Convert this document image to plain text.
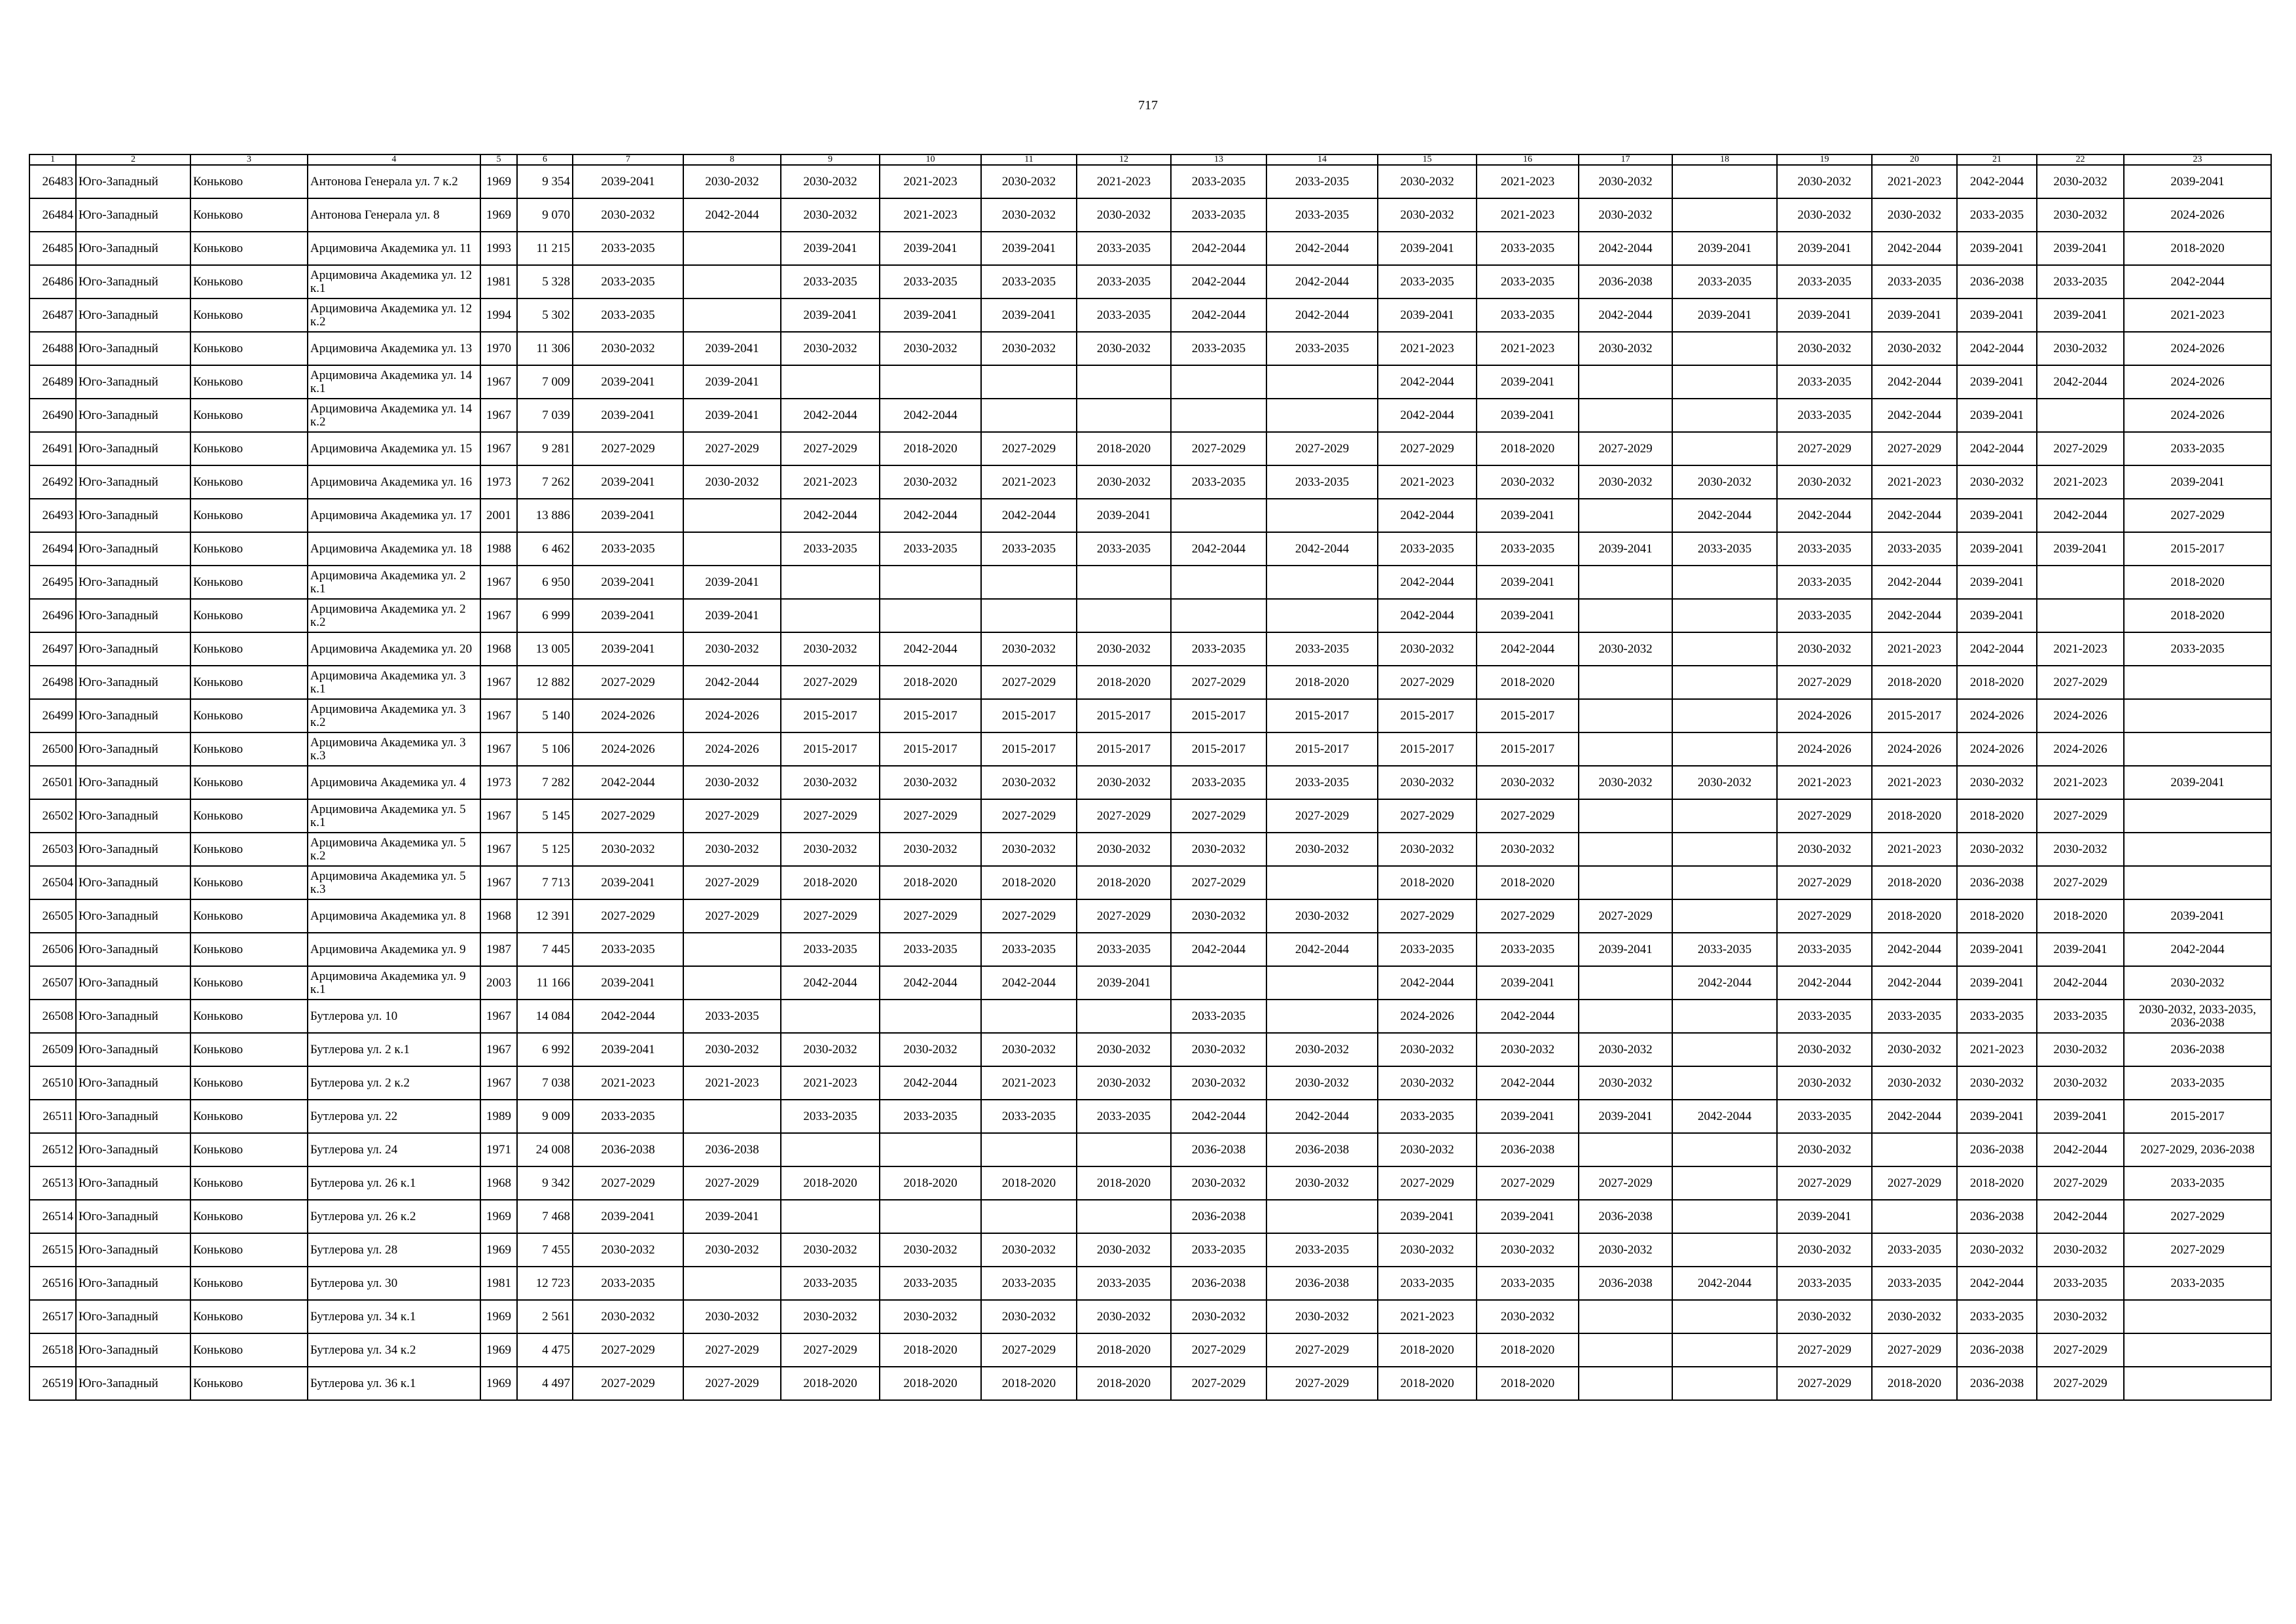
717
1	2	3	4	5	6	7	8	9	10	11	12	13	14	15	16	17	18	19	20	21	22	23
26483	Юго-Западный	Коньково	Антонова Генерала ул. 7 к.2	1969	9 354	2039-2041	2030-2032	2030-2032	2021-2023	2030-2032	2021-2023	2033-2035	2033-2035	2030-2032	2021-2023	2030-2032		2030-2032	2021-2023	2042-2044	2030-2032	2039-2041
26484	Юго-Западный	Коньково	Антонова Генерала ул. 8	1969	9 070	2030-2032	2042-2044	2030-2032	2021-2023	2030-2032	2030-2032	2033-2035	2033-2035	2030-2032	2021-2023	2030-2032		2030-2032	2030-2032	2033-2035	2030-2032	2024-2026
26485	Юго-Западный	Коньково	Арцимовича Академика ул. 11	1993	11 215	2033-2035		2039-2041	2039-2041	2039-2041	2033-2035	2042-2044	2042-2044	2039-2041	2033-2035	2042-2044	2039-2041	2039-2041	2042-2044	2039-2041	2039-2041	2018-2020
26486	Юго-Западный	Коньково	Арцимовича Академика ул. 12 к.1	1981	5 328	2033-2035		2033-2035	2033-2035	2033-2035	2033-2035	2042-2044	2042-2044	2033-2035	2033-2035	2036-2038	2033-2035	2033-2035	2033-2035	2036-2038	2033-2035	2042-2044
26487	Юго-Западный	Коньково	Арцимовича Академика ул. 12 к.2	1994	5 302	2033-2035		2039-2041	2039-2041	2039-2041	2033-2035	2042-2044	2042-2044	2039-2041	2033-2035	2042-2044	2039-2041	2039-2041	2039-2041	2039-2041	2039-2041	2021-2023
26488	Юго-Западный	Коньково	Арцимовича Академика ул. 13	1970	11 306	2030-2032	2039-2041	2030-2032	2030-2032	2030-2032	2030-2032	2033-2035	2033-2035	2021-2023	2021-2023	2030-2032		2030-2032	2030-2032	2042-2044	2030-2032	2024-2026
26489	Юго-Западный	Коньково	Арцимовича Академика ул. 14 к.1	1967	7 009	2039-2041	2039-2041							2042-2044	2039-2041			2033-2035	2042-2044	2039-2041	2042-2044	2024-2026
26490	Юго-Западный	Коньково	Арцимовича Академика ул. 14 к.2	1967	7 039	2039-2041	2039-2041	2042-2044	2042-2044					2042-2044	2039-2041			2033-2035	2042-2044	2039-2041		2024-2026
26491	Юго-Западный	Коньково	Арцимовича Академика ул. 15	1967	9 281	2027-2029	2027-2029	2027-2029	2018-2020	2027-2029	2018-2020	2027-2029	2027-2029	2027-2029	2018-2020	2027-2029		2027-2029	2027-2029	2042-2044	2027-2029	2033-2035
26492	Юго-Западный	Коньково	Арцимовича Академика ул. 16	1973	7 262	2039-2041	2030-2032	2021-2023	2030-2032	2021-2023	2030-2032	2033-2035	2033-2035	2021-2023	2030-2032	2030-2032	2030-2032	2030-2032	2021-2023	2030-2032	2021-2023	2039-2041
26493	Юго-Западный	Коньково	Арцимовича Академика ул. 17	2001	13 886	2039-2041		2042-2044	2042-2044	2042-2044	2039-2041			2042-2044	2039-2041		2042-2044	2042-2044	2042-2044	2039-2041	2042-2044	2027-2029
26494	Юго-Западный	Коньково	Арцимовича Академика ул. 18	1988	6 462	2033-2035		2033-2035	2033-2035	2033-2035	2033-2035	2042-2044	2042-2044	2033-2035	2033-2035	2039-2041	2033-2035	2033-2035	2033-2035	2039-2041	2039-2041	2015-2017
26495	Юго-Западный	Коньково	Арцимовича Академика ул. 2 к.1	1967	6 950	2039-2041	2039-2041							2042-2044	2039-2041			2033-2035	2042-2044	2039-2041		2018-2020
26496	Юго-Западный	Коньково	Арцимовича Академика ул. 2 к.2	1967	6 999	2039-2041	2039-2041							2042-2044	2039-2041			2033-2035	2042-2044	2039-2041		2018-2020
26497	Юго-Западный	Коньково	Арцимовича Академика ул. 20	1968	13 005	2039-2041	2030-2032	2030-2032	2042-2044	2030-2032	2030-2032	2033-2035	2033-2035	2030-2032	2042-2044	2030-2032		2030-2032	2021-2023	2042-2044	2021-2023	2033-2035
26498	Юго-Западный	Коньково	Арцимовича Академика ул. 3 к.1	1967	12 882	2027-2029	2042-2044	2027-2029	2018-2020	2027-2029	2018-2020	2027-2029	2018-2020	2027-2029	2018-2020			2027-2029	2018-2020	2018-2020	2027-2029	
26499	Юго-Западный	Коньково	Арцимовича Академика ул. 3 к.2	1967	5 140	2024-2026	2024-2026	2015-2017	2015-2017	2015-2017	2015-2017	2015-2017	2015-2017	2015-2017	2015-2017			2024-2026	2015-2017	2024-2026	2024-2026	
26500	Юго-Западный	Коньково	Арцимовича Академика ул. 3 к.3	1967	5 106	2024-2026	2024-2026	2015-2017	2015-2017	2015-2017	2015-2017	2015-2017	2015-2017	2015-2017	2015-2017			2024-2026	2024-2026	2024-2026	2024-2026	
26501	Юго-Западный	Коньково	Арцимовича Академика ул. 4	1973	7 282	2042-2044	2030-2032	2030-2032	2030-2032	2030-2032	2030-2032	2033-2035	2033-2035	2030-2032	2030-2032	2030-2032	2030-2032	2021-2023	2021-2023	2030-2032	2021-2023	2039-2041
26502	Юго-Западный	Коньково	Арцимовича Академика ул. 5 к.1	1967	5 145	2027-2029	2027-2029	2027-2029	2027-2029	2027-2029	2027-2029	2027-2029	2027-2029	2027-2029	2027-2029			2027-2029	2018-2020	2018-2020	2027-2029	
26503	Юго-Западный	Коньково	Арцимовича Академика ул. 5 к.2	1967	5 125	2030-2032	2030-2032	2030-2032	2030-2032	2030-2032	2030-2032	2030-2032	2030-2032	2030-2032	2030-2032			2030-2032	2021-2023	2030-2032	2030-2032	
26504	Юго-Западный	Коньково	Арцимовича Академика ул. 5 к.3	1967	7 713	2039-2041	2027-2029	2018-2020	2018-2020	2018-2020	2018-2020	2027-2029		2018-2020	2018-2020			2027-2029	2018-2020	2036-2038	2027-2029	
26505	Юго-Западный	Коньково	Арцимовича Академика ул. 8	1968	12 391	2027-2029	2027-2029	2027-2029	2027-2029	2027-2029	2027-2029	2030-2032	2030-2032	2027-2029	2027-2029	2027-2029		2027-2029	2018-2020	2018-2020	2018-2020	2039-2041
26506	Юго-Западный	Коньково	Арцимовича Академика ул. 9	1987	7 445	2033-2035		2033-2035	2033-2035	2033-2035	2033-2035	2042-2044	2042-2044	2033-2035	2033-2035	2039-2041	2033-2035	2033-2035	2042-2044	2039-2041	2039-2041	2042-2044
26507	Юго-Западный	Коньково	Арцимовича Академика ул. 9 к.1	2003	11 166	2039-2041		2042-2044	2042-2044	2042-2044	2039-2041			2042-2044	2039-2041		2042-2044	2042-2044	2042-2044	2039-2041	2042-2044	2030-2032
26508	Юго-Западный	Коньково	Бутлерова ул. 10	1967	14 084	2042-2044	2033-2035					2033-2035		2024-2026	2042-2044			2033-2035	2033-2035	2033-2035	2033-2035	2030-2032, 2033-2035, 2036-2038
26509	Юго-Западный	Коньково	Бутлерова ул. 2 к.1	1967	6 992	2039-2041	2030-2032	2030-2032	2030-2032	2030-2032	2030-2032	2030-2032	2030-2032	2030-2032	2030-2032	2030-2032		2030-2032	2030-2032	2021-2023	2030-2032	2036-2038
26510	Юго-Западный	Коньково	Бутлерова ул. 2 к.2	1967	7 038	2021-2023	2021-2023	2021-2023	2042-2044	2021-2023	2030-2032	2030-2032	2030-2032	2030-2032	2042-2044	2030-2032		2030-2032	2030-2032	2030-2032	2030-2032	2033-2035
26511	Юго-Западный	Коньково	Бутлерова ул. 22	1989	9 009	2033-2035		2033-2035	2033-2035	2033-2035	2033-2035	2042-2044	2042-2044	2033-2035	2039-2041	2039-2041	2042-2044	2033-2035	2042-2044	2039-2041	2039-2041	2015-2017
26512	Юго-Западный	Коньково	Бутлерова ул. 24	1971	24 008	2036-2038	2036-2038					2036-2038	2036-2038	2030-2032	2036-2038			2030-2032		2036-2038	2042-2044	2027-2029, 2036-2038
26513	Юго-Западный	Коньково	Бутлерова ул. 26 к.1	1968	9 342	2027-2029	2027-2029	2018-2020	2018-2020	2018-2020	2018-2020	2030-2032	2030-2032	2027-2029	2027-2029	2027-2029		2027-2029	2027-2029	2018-2020	2027-2029	2033-2035
26514	Юго-Западный	Коньково	Бутлерова ул. 26 к.2	1969	7 468	2039-2041	2039-2041					2036-2038		2039-2041	2039-2041	2036-2038		2039-2041		2036-2038	2042-2044	2027-2029
26515	Юго-Западный	Коньково	Бутлерова ул. 28	1969	7 455	2030-2032	2030-2032	2030-2032	2030-2032	2030-2032	2030-2032	2033-2035	2033-2035	2030-2032	2030-2032	2030-2032		2030-2032	2033-2035	2030-2032	2030-2032	2027-2029
26516	Юго-Западный	Коньково	Бутлерова ул. 30	1981	12 723	2033-2035		2033-2035	2033-2035	2033-2035	2033-2035	2036-2038	2036-2038	2033-2035	2033-2035	2036-2038	2042-2044	2033-2035	2033-2035	2042-2044	2033-2035	2033-2035
26517	Юго-Западный	Коньково	Бутлерова ул. 34 к.1	1969	2 561	2030-2032	2030-2032	2030-2032	2030-2032	2030-2032	2030-2032	2030-2032	2030-2032	2021-2023	2030-2032			2030-2032	2030-2032	2033-2035	2030-2032	
26518	Юго-Западный	Коньково	Бутлерова ул. 34 к.2	1969	4 475	2027-2029	2027-2029	2027-2029	2018-2020	2027-2029	2018-2020	2027-2029	2027-2029	2018-2020	2018-2020			2027-2029	2027-2029	2036-2038	2027-2029	
26519	Юго-Западный	Коньково	Бутлерова ул. 36 к.1	1969	4 497	2027-2029	2027-2029	2018-2020	2018-2020	2018-2020	2018-2020	2027-2029	2027-2029	2018-2020	2018-2020			2027-2029	2018-2020	2036-2038	2027-2029	
